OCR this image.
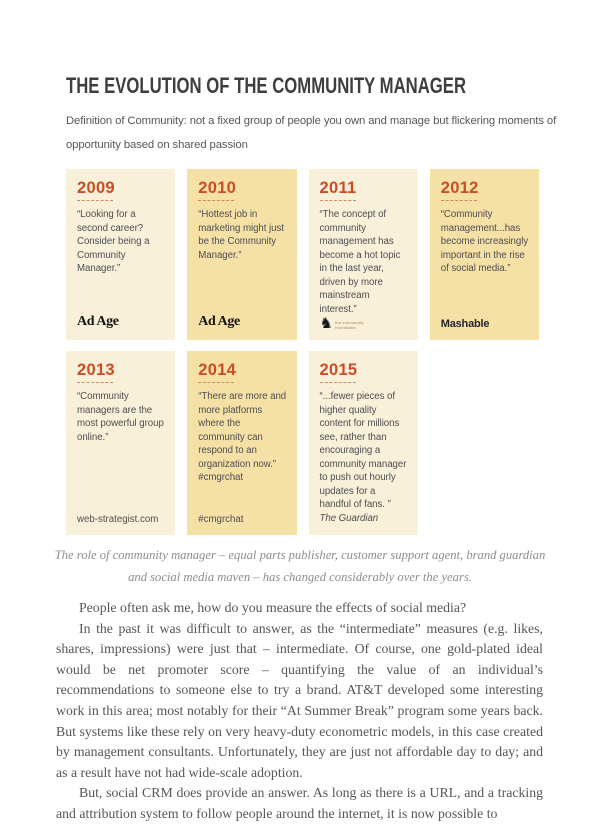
THE EVOLUTION OF THE COMMUNITY MANAGER
Definition of Community: not a fixed group of people you own and manage but flickering moments of
opportunity based on shared passion
2009
“Looking for a second career? Consider being a Community Manager.”
Ad Age
2010
“Hottest job in marketing might just be the Community Manager.”
Ad Age
2011
“The concept of community management has become a hot topic in the last year, driven by more mainstream interest.”
♞ the community roundtable
2012
“Community management...has become increasingly important in the rise of social media.”
Mashable
2013
“Community managers are the most powerful group online.”
web-strategist.com
2014
“There are more and more platforms where the community can respond to an organization now.” #cmgrchat
#cmgrchat
2015
“...fewer pieces of higher quality content for millions see, rather than encouraging a community manager to push out hourly updates for a handful of fans. ”
The Guardian

The role of community manager – equal parts publisher, customer support agent, brand guardian and social media maven – has changed considerably over the years.

People often ask me, how do you measure the effects of social media?

In the past it was difficult to answer, as the “intermediate” measures (e.g. likes, shares, impressions) were just that – intermediate. Of course, one gold-plated ideal would be net promoter score – quantifying the value of an individual’s recommendations to someone else to try a brand. AT&T developed some interesting work in this area; most notably for their “At Summer Break” program some years back. But systems like these rely on very heavy-duty econometric models, in this case created by management consultants. Unfortunately, they are just not affordable day to day; and as a result have not had wide-scale adoption.

But, social CRM does provide an answer. As long as there is a URL, and a tracking and attribution system to follow people around the internet, it is now possible to
